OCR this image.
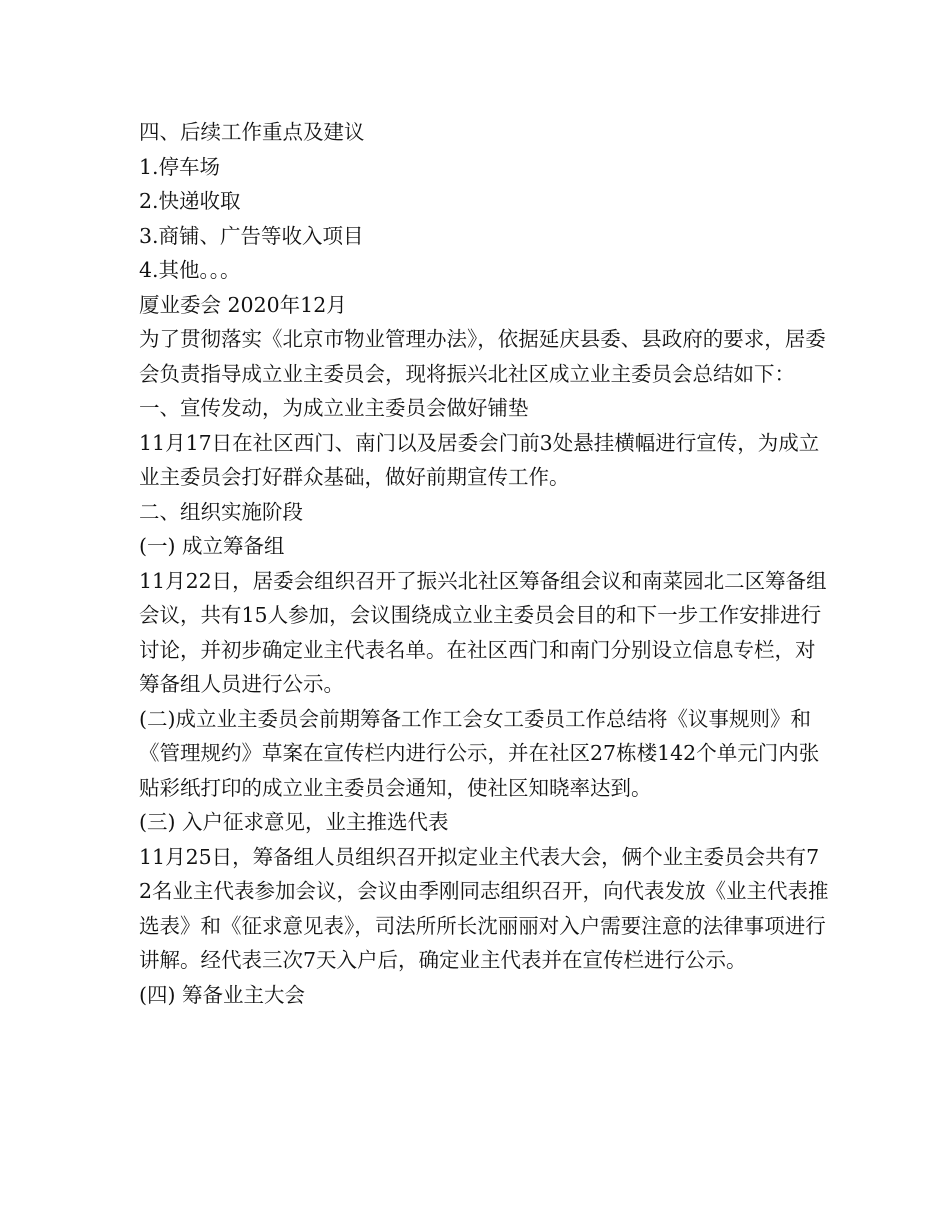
四、后续工作重点及建议

1.停车场

2.快递收取

3.商铺、广告等收入项目

4.其他。。。

厦业委会 2020年12月

为了贯彻落实《北京市物业管理办法》，依据延庆县委、县政府的要求，居委会负责指导成立业主委员会，现将振兴北社区成立业主委员会总结如下：

一、宣传发动，为成立业主委员会做好铺垫

11月17日在社区西门、南门以及居委会门前3处悬挂横幅进行宣传，为成立业主委员会打好群众基础，做好前期宣传工作。

二、组织实施阶段

(一) 成立筹备组

11月22日，居委会组织召开了振兴北社区筹备组会议和南菜园北二区筹备组会议，共有15人参加，会议围绕成立业主委员会目的和下一步工作安排进行讨论，并初步确定业主代表名单。在社区西门和南门分别设立信息专栏，对筹备组人员进行公示。

(二)成立业主委员会前期筹备工作工会女工委员工作总结将《议事规则》和《管理规约》草案在宣传栏内进行公示，并在社区27栋楼142个单元门内张贴彩纸打印的成立业主委员会通知，使社区知晓率达到。

(三) 入户征求意见，业主推选代表

11月25日，筹备组人员组织召开拟定业主代表大会，俩个业主委员会共有72名业主代表参加会议，会议由季刚同志组织召开，向代表发放《业主代表推选表》和《征求意见表》，司法所所长沈丽丽对入户需要注意的法律事项进行讲解。经代表三次7天入户后，确定业主代表并在宣传栏进行公示。

(四) 筹备业主大会
